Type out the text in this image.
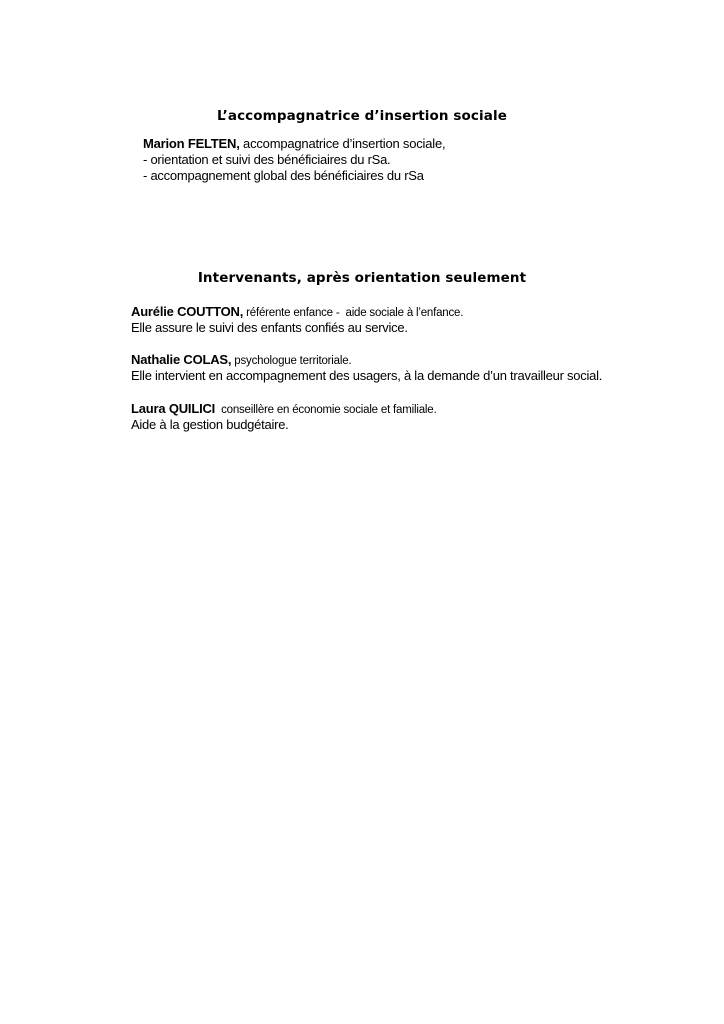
L’accompagnatrice d’insertion sociale
Marion FELTEN, accompagnatrice d’insertion sociale,
- orientation et suivi des bénéficiaires du rSa.
- accompagnement global des bénéficiaires du rSa
Intervenants, après orientation seulement
Aurélie COUTTON, référente enfance -  aide sociale à l’enfance.
Elle assure le suivi des enfants confiés au service.
Nathalie COLAS, psychologue territoriale.
Elle intervient en accompagnement des usagers, à la demande d’un travailleur social.
Laura QUILICI  conseillère en économie sociale et familiale.
Aide à la gestion budgétaire.
